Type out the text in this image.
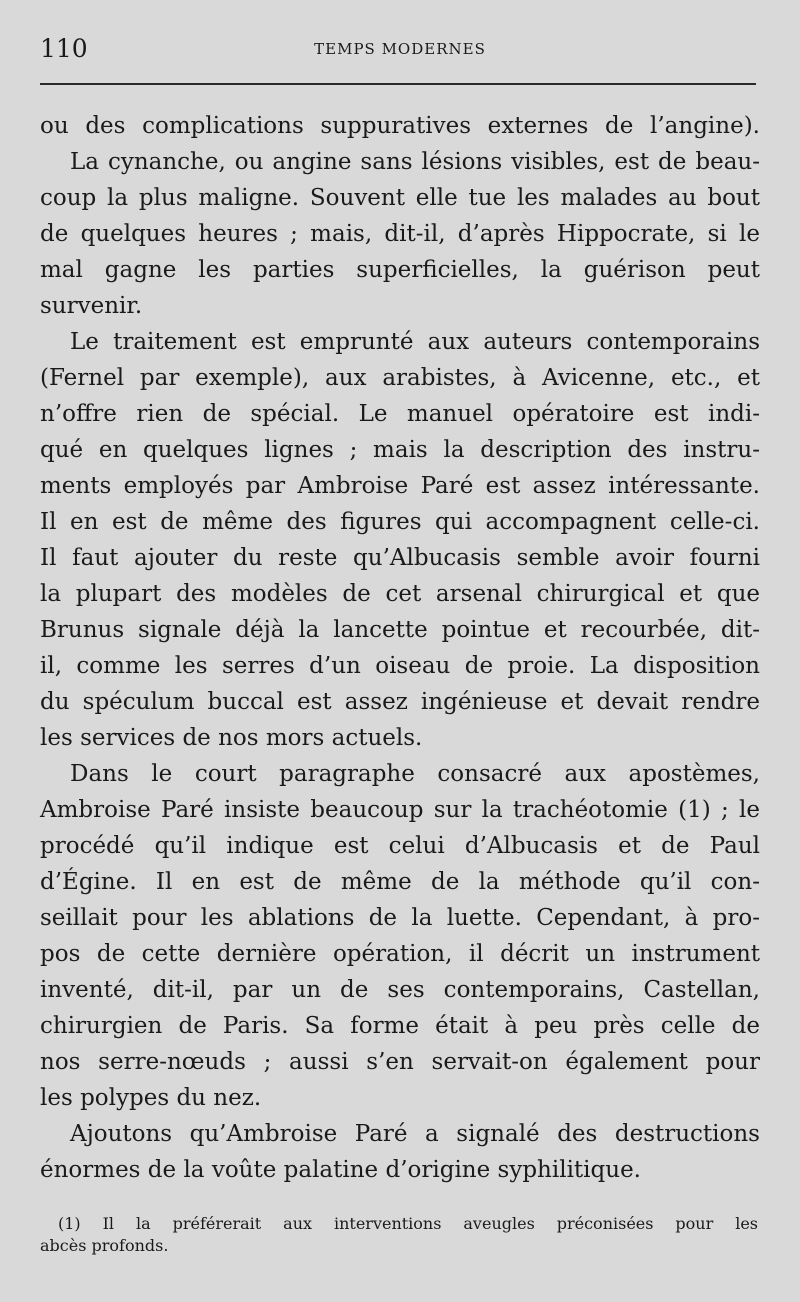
110	TEMPS MODERNES
ou des complications suppuratives externes de l’angine).
La cynanche, ou angine sans lésions visibles, est de beau-
coup la plus maligne. Souvent elle tue les malades au bout
de quelques heures ; mais, dit-il, d’après Hippocrate, si le
mal gagne les parties superficielles, la guérison peut
survenir.
Le traitement est emprunté aux auteurs contemporains
(Fernel par exemple), aux arabistes, à Avicenne, etc., et
n’offre rien de spécial. Le manuel opératoire est indi-
qué en quelques lignes ; mais la description des instru-
ments employés par Ambroise Paré est assez intéressante.
Il en est de même des figures qui accompagnent celle-ci.
Il faut ajouter du reste qu’Albucasis semble avoir fourni
la plupart des modèles de cet arsenal chirurgical et que
Brunus signale déjà la lancette pointue et recourbée, dit-
il, comme les serres d’un oiseau de proie. La disposition
du spéculum buccal est assez ingénieuse et devait rendre
les services de nos mors actuels.
Dans le court paragraphe consacré aux apostèmes,
Ambroise Paré insiste beaucoup sur la trachéotomie (1) ; le
procédé qu’il indique est celui d’Albucasis et de Paul
d’Égine. Il en est de même de la méthode qu’il con-
seillait pour les ablations de la luette. Cependant, à pro-
pos de cette dernière opération, il décrit un instrument
inventé, dit-il, par un de ses contemporains, Castellan,
chirurgien de Paris. Sa forme était à peu près celle de
nos serre-nœuds ; aussi s’en servait-on également pour
les polypes du nez.
Ajoutons qu’Ambroise Paré a signalé des destructions
énormes de la voûte palatine d’origine syphilitique.
(1) Il la préférerait aux interventions aveugles préconisées pour les
abcès profonds.
